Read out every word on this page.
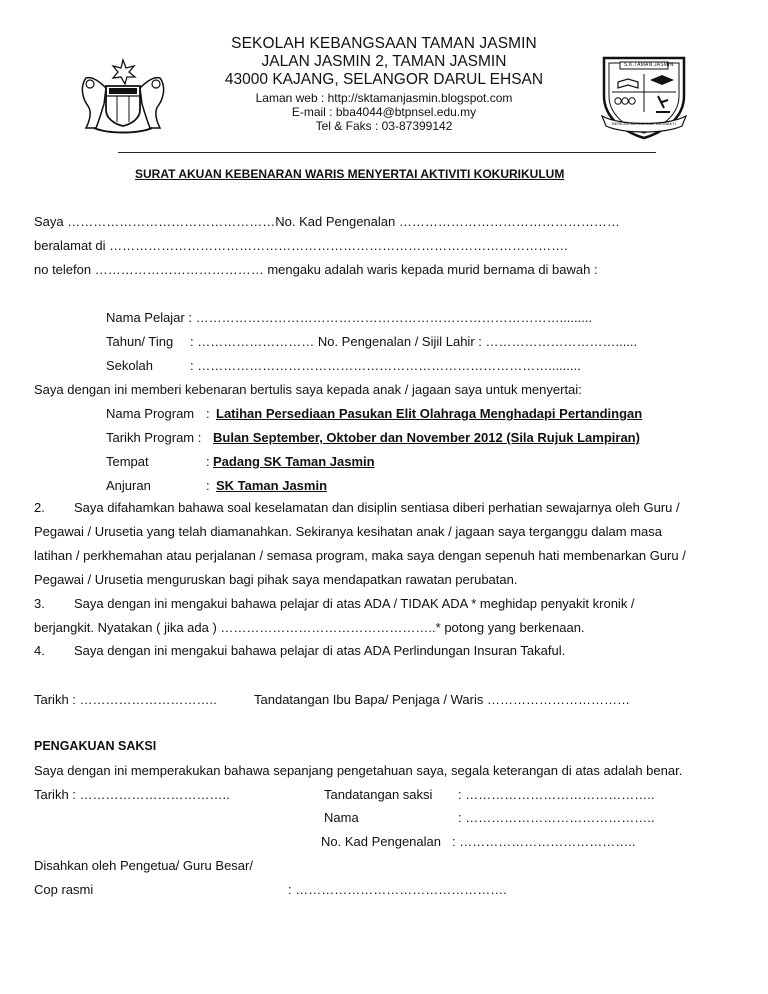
S.K.TAMAN JASMIN
BERILMU BERAKHLAK BERBAKTI
SEKOLAH KEBANGSAAN TAMAN JASMIN
JALAN JASMIN 2, TAMAN JASMIN
43000 KAJANG, SELANGOR DARUL EHSAN
Laman web : http://sktamanjasmin.blogspot.com
E-mail : bba4044@btpnsel.edu.my
Tel & Faks : 03-87399142
SURAT AKUAN KEBENARAN WARIS MENYERTAI AKTIVITI KOKURIKULUM
Saya …………………………………………No. Kad Pengenalan ……………………………………………
beralamat di …………………………………………………………………………………………….
no telefon ………………………………… mengaku adalah waris kepada murid bernama di bawah :
Nama Pelajar : ………………………………………………………………………….........
Tahun/ Ting : ……………………… No. Pengenalan / Sijil Lahir : …………………………......
Sekolah	: ……………………………………………………………………….........
Saya dengan ini memberi kebenaran bertulis saya kepada anak / jagaan saya untuk menyertai:
Nama Program : Latihan Persediaan Pasukan Elit Olahraga Menghadapi Pertandingan
Tarikh Program : Bulan September, Oktober dan November 2012 (Sila Rujuk Lampiran)
Tempat	: Padang SK Taman Jasmin
Anjuran	: SK Taman Jasmin
2. Saya difahamkan bahawa soal keselamatan dan disiplin sentiasa diberi perhatian sewajarnya oleh Guru /
Pegawai / Urusetia yang telah diamanahkan. Sekiranya kesihatan anak / jagaan saya terganggu dalam masa
latihan / perkhemahan atau perjalanan / semasa program, maka saya dengan sepenuh hati membenarkan Guru /
Pegawai / Urusetia menguruskan bagi pihak saya mendapatkan rawatan perubatan.
3. Saya dengan ini mengakui bahawa pelajar di atas ADA / TIDAK ADA * meghidap penyakit kronik /
berjangkit. Nyatakan ( jika ada ) …………………………………………..* potong yang berkenaan.
4. Saya dengan ini mengakui bahawa pelajar di atas ADA Perlindungan Insuran Takaful.
Tarikh : …………………………..	Tandatangan Ibu Bapa/ Penjaga / Waris ……………………………
PENGAKUAN SAKSI
Saya dengan ini memperakukan bahawa sepanjang pengetahuan saya, segala keterangan di atas adalah benar.
Tarikh : ……………………………..	Tandatangan saksi : ……………………………………..
Nama	: ……………………………………..
No. Kad Pengenalan : …………………………………..
Disahkan oleh Pengetua/ Guru Besar/
Cop rasmi	: ………………………………………….
